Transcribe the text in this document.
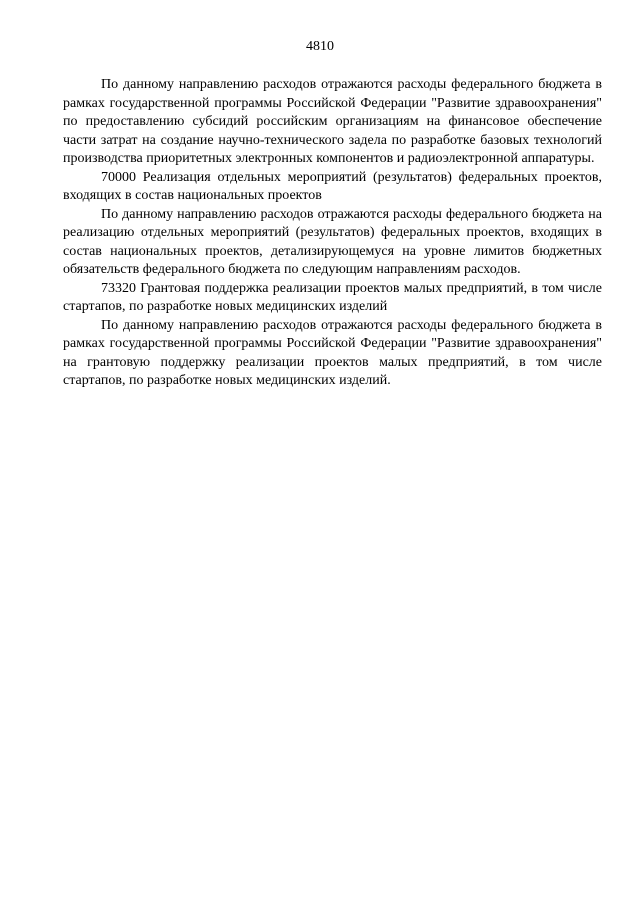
4810

По данному направлению расходов отражаются расходы федерального бюджета в рамках государственной программы Российской Федерации "Развитие здравоохранения" по предоставлению субсидий российским организациям на финансовое обеспечение части затрат на создание научно-технического задела по разработке базовых технологий производства приоритетных электронных компонентов и радиоэлектронной аппаратуры.

70000 Реализация отдельных мероприятий (результатов) федеральных проектов, входящих в состав национальных проектов

По данному направлению расходов отражаются расходы федерального бюджета на реализацию отдельных мероприятий (результатов) федеральных проектов, входящих в состав национальных проектов, детализирующемуся на уровне лимитов бюджетных обязательств федерального бюджета по следующим направлениям расходов.

73320 Грантовая поддержка реализации проектов малых предприятий, в том числе стартапов, по разработке новых медицинских изделий

По данному направлению расходов отражаются расходы федерального бюджета в рамках государственной программы Российской Федерации "Развитие здравоохранения" на грантовую поддержку реализации проектов малых предприятий, в том числе стартапов, по разработке новых медицинских изделий.
